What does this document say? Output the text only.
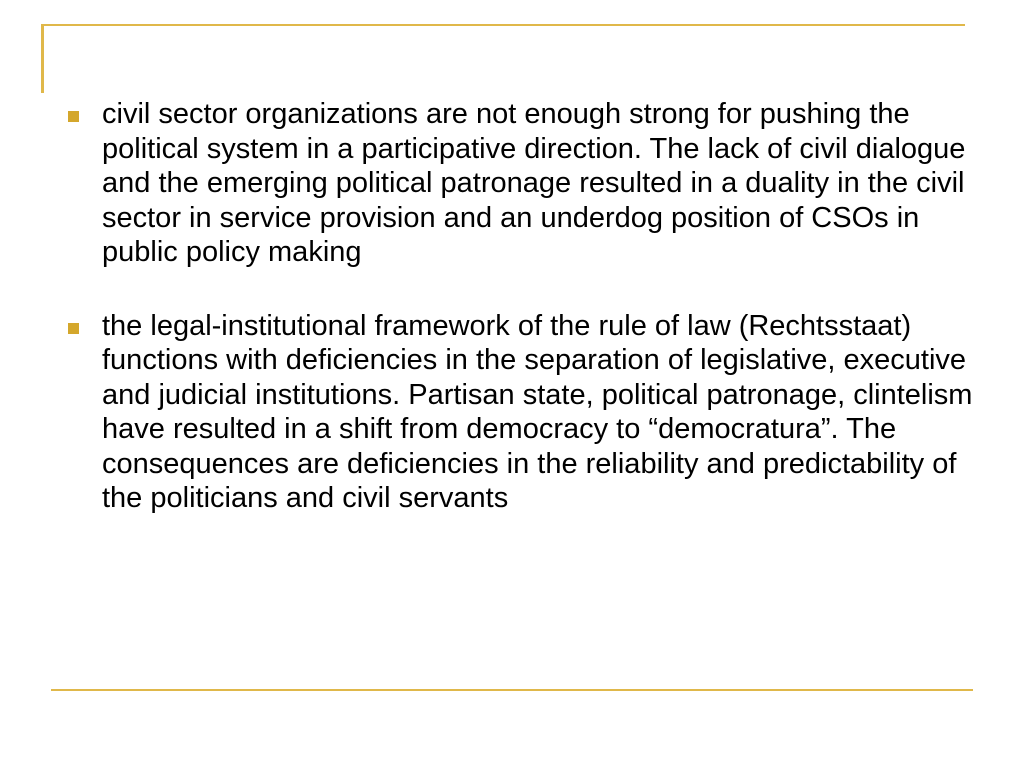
civil sector organizations are not enough strong for pushing the political system in a participative direction. The lack of civil dialogue and the emerging political patronage resulted in a duality in the civil sector in service provision and an underdog position of CSOs in public policy making
the legal-institutional framework of the rule of law (Rechtsstaat) functions with deficiencies in the separation of legislative, executive and judicial institutions. Partisan state, political patronage, clintelism have resulted in a shift from democracy to “democratura”. The consequences are deficiencies in the reliability and predictability of the politicians and civil servants
